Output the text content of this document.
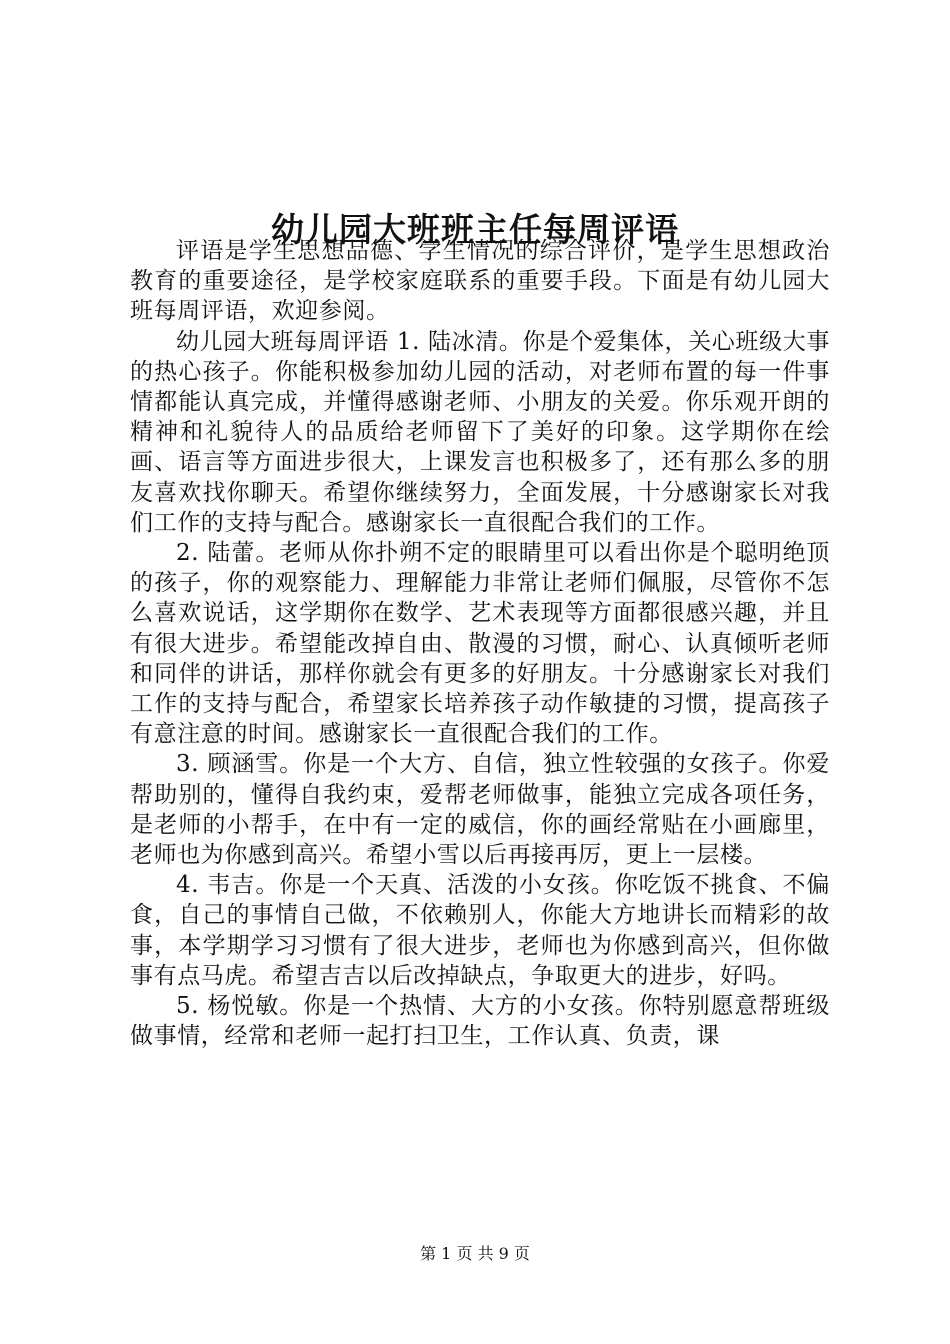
幼儿园大班班主任每周评语

评语是学生思想品德、学生情况的综合评价，是学生思想政治教育的重要途径，是学校家庭联系的重要手段。下面是有幼儿园大班每周评语，欢迎参阅。

幼儿园大班每周评语 1. 陆冰清。你是个爱集体，关心班级大事的热心孩子。你能积极参加幼儿园的活动，对老师布置的每一件事情都能认真完成，并懂得感谢老师、小朋友的关爱。你乐观开朗的精神和礼貌待人的品质给老师留下了美好的印象。这学期你在绘画、语言等方面进步很大，上课发言也积极多了，还有那么多的朋友喜欢找你聊天。希望你继续努力，全面发展，十分感谢家长对我们工作的支持与配合。感谢家长一直很配合我们的工作。

2. 陆蕾。老师从你扑朔不定的眼睛里可以看出你是个聪明绝顶的孩子，你的观察能力、理解能力非常让老师们佩服，尽管你不怎么喜欢说话，这学期你在数学、艺术表现等方面都很感兴趣，并且有很大进步。希望能改掉自由、散漫的习惯，耐心、认真倾听老师和同伴的讲话，那样你就会有更多的好朋友。十分感谢家长对我们工作的支持与配合，希望家长培养孩子动作敏捷的习惯，提高孩子有意注意的时间。感谢家长一直很配合我们的工作。

3. 顾涵雪。你是一个大方、自信，独立性较强的女孩子。你爱帮助别的，懂得自我约束，爱帮老师做事，能独立完成各项任务，是老师的小帮手，在中有一定的威信，你的画经常贴在小画廊里，老师也为你感到高兴。希望小雪以后再接再厉，更上一层楼。

4. 韦吉。你是一个天真、活泼的小女孩。你吃饭不挑食、不偏食，自己的事情自己做，不依赖别人，你能大方地讲长而精彩的故事，本学期学习习惯有了很大进步，老师也为你感到高兴，但你做事有点马虎。希望吉吉以后改掉缺点，争取更大的进步，好吗。

5. 杨悦敏。你是一个热情、大方的小女孩。你特别愿意帮班级做事情，经常和老师一起打扫卫生，工作认真、负责，课

第 1 页 共 9 页
